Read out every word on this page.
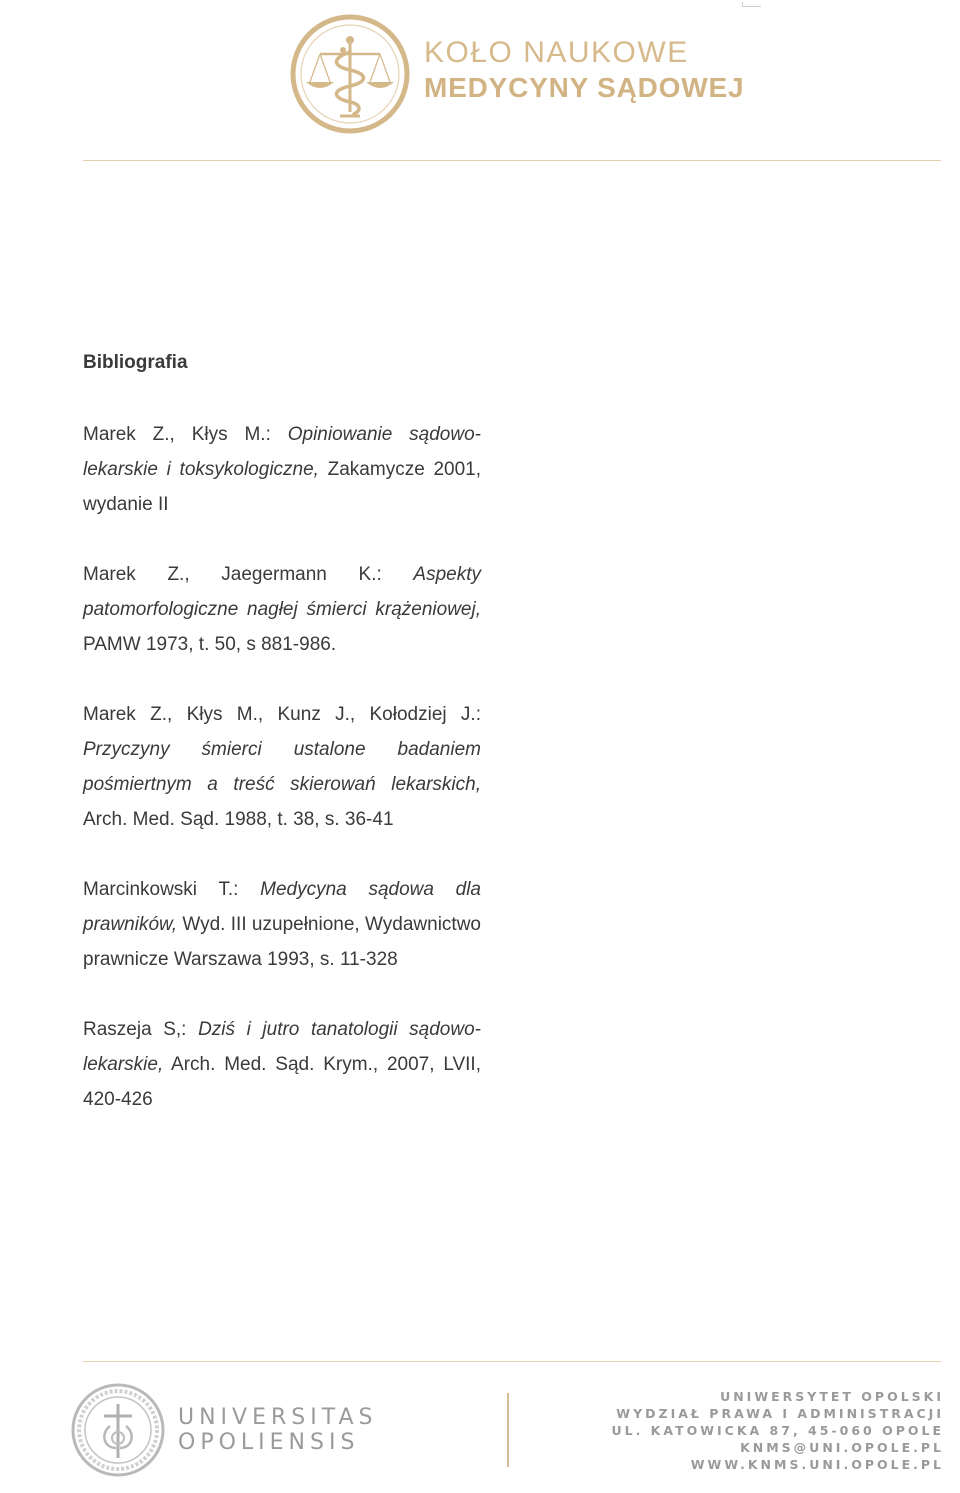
KOŁO NAUKOWE
MEDYCYNY SĄDOWEJ
Bibliografia
Marek Z., Kłys M.: Opiniowanie sądowo-lekarskie i toksykologiczne, Zakamycze 2001, wydanie II
Marek Z., Jaegermann K.: Aspekty patomorfologiczne nagłej śmierci krążeniowej, PAMW 1973, t. 50, s 881-986.
Marek Z., Kłys M., Kunz J., Kołodziej J.: Przyczyny śmierci ustalone badaniem pośmiertnym a treść skierowań lekarskich, Arch. Med. Sąd. 1988, t. 38, s. 36-41
Marcinkowski T.: Medycyna sądowa dla prawników, Wyd. III uzupełnione, Wydawnictwo prawnicze Warszawa 1993, s. 11-328
Raszeja S,: Dziś i jutro tanatologii sądowo-lekarskie, Arch. Med. Sąd. Krym., 2007, LVII, 420-426
UNIVERSITAS
OPOLIENSIS
UNIWERSYTET OPOLSKI
WYDZIAŁ PRAWA I ADMINISTRACJI
UL. KATOWICKA 87, 45-060 OPOLE
KNMS@UNI.OPOLE.PL
WWW.KNMS.UNI.OPOLE.PL
